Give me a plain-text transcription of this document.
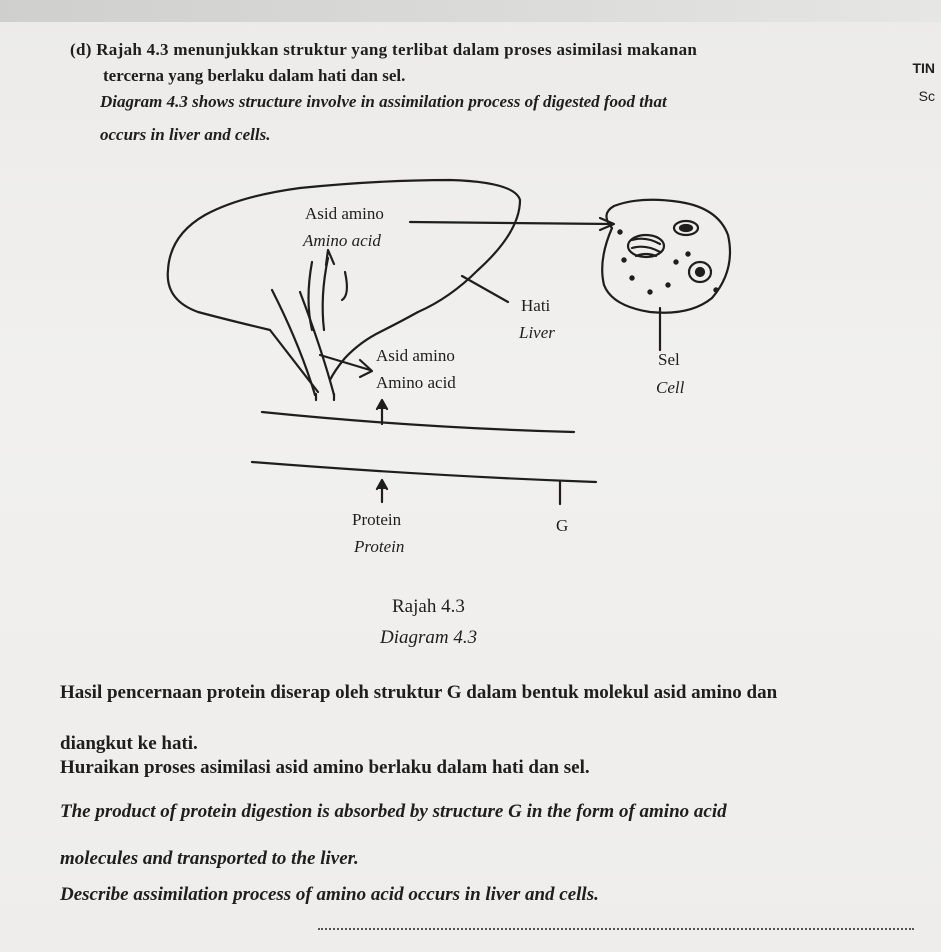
(d) Rajah 4.3 menunjukkan struktur yang terlibat dalam proses asimilasi makanan
tercerna yang berlaku dalam hati dan sel.
Diagram 4.3 shows structure involve in assimilation process of digested food that
occurs in liver and cells.
TIN
Sc
Asid amino
Amino acid
Hati
Liver
Asid amino
Amino acid
Sel
Cell
Protein
Protein
G
Rajah 4.3
Diagram 4.3
Hasil pencernaan protein diserap oleh struktur G dalam bentuk molekul asid amino dan
diangkut ke hati.
Huraikan proses asimilasi asid amino berlaku dalam hati dan sel.
The product of protein digestion is absorbed by structure G in the form of amino acid
molecules and transported to the liver.
Describe assimilation process of amino acid occurs in liver and cells.
